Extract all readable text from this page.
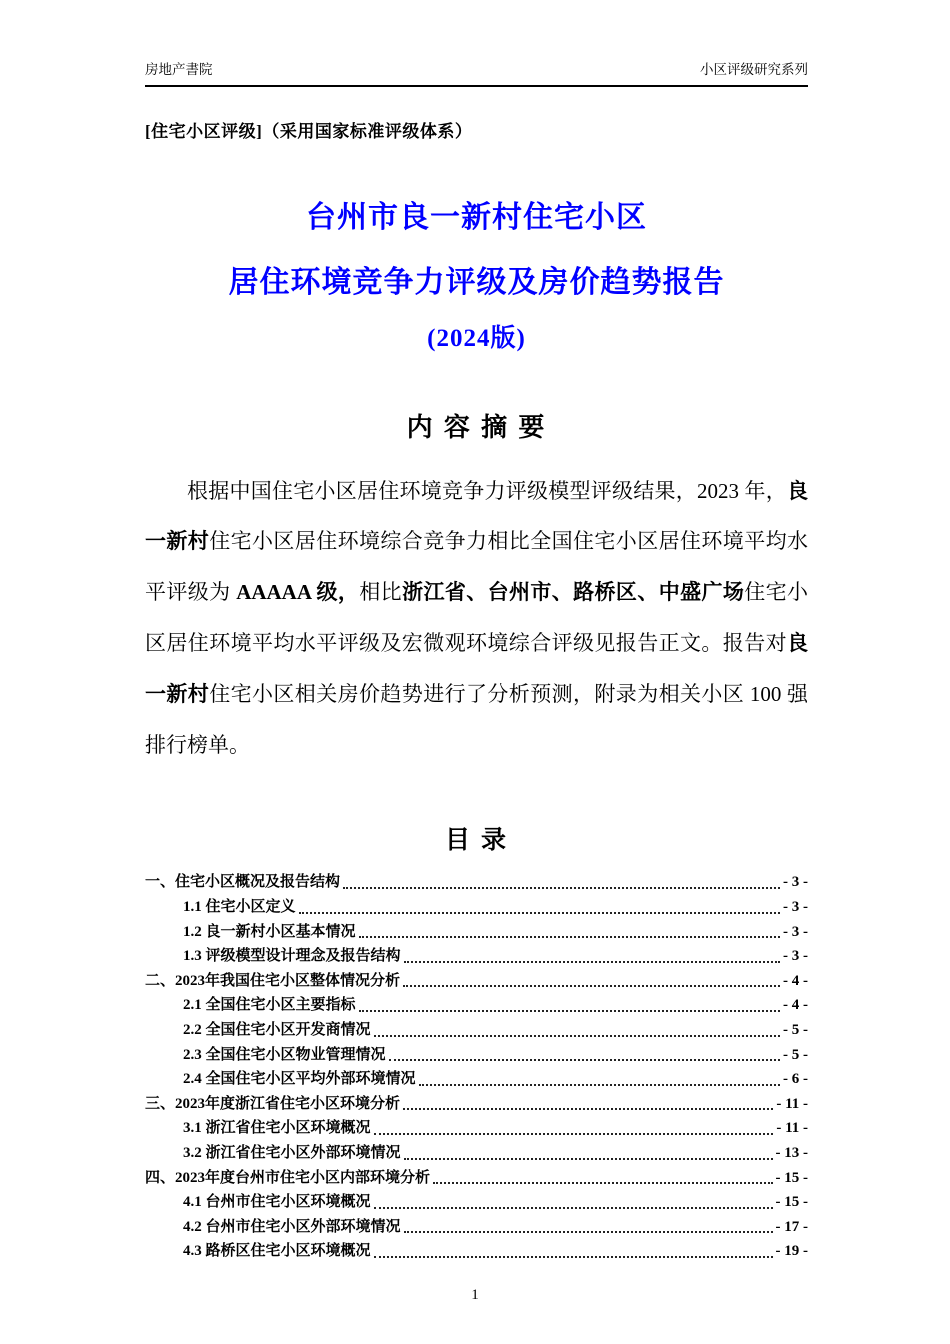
房地产書院	小区评级研究系列
[住宅小区评级]（采用国家标准评级体系）
台州市良一新村住宅小区
居住环境竞争力评级及房价趋势报告
(2024版)
内 容 摘 要

根据中国住宅小区居住环境竞争力评级模型评级结果，2023 年，良一新村住宅小区居住环境综合竞争力相比全国住宅小区居住环境平均水平评级为 AAAAA 级，相比浙江省、台州市、路桥区、中盛广场住宅小区居住环境平均水平评级及宏微观环境综合评级见报告正文。报告对良一新村住宅小区相关房价趋势进行了分析预测，附录为相关小区 100 强排行榜单。

目 录
一、住宅小区概况及报告结构	- 3 -
1.1 住宅小区定义	- 3 -
1.2 良一新村小区基本情况	- 3 -
1.3 评级模型设计理念及报告结构	- 3 -
二、2023年我国住宅小区整体情况分析	- 4 -
2.1 全国住宅小区主要指标	- 4 -
2.2 全国住宅小区开发商情况	- 5 -
2.3 全国住宅小区物业管理情况	- 5 -
2.4 全国住宅小区平均外部环境情况	- 6 -
三、2023年度浙江省住宅小区环境分析	- 11 -
3.1 浙江省住宅小区环境概况	- 11 -
3.2 浙江省住宅小区外部环境情况	- 13 -
四、2023年度台州市住宅小区内部环境分析	- 15 -
4.1 台州市住宅小区环境概况	- 15 -
4.2 台州市住宅小区外部环境情况	- 17 -
4.3 路桥区住宅小区环境概况	- 19 -
1
